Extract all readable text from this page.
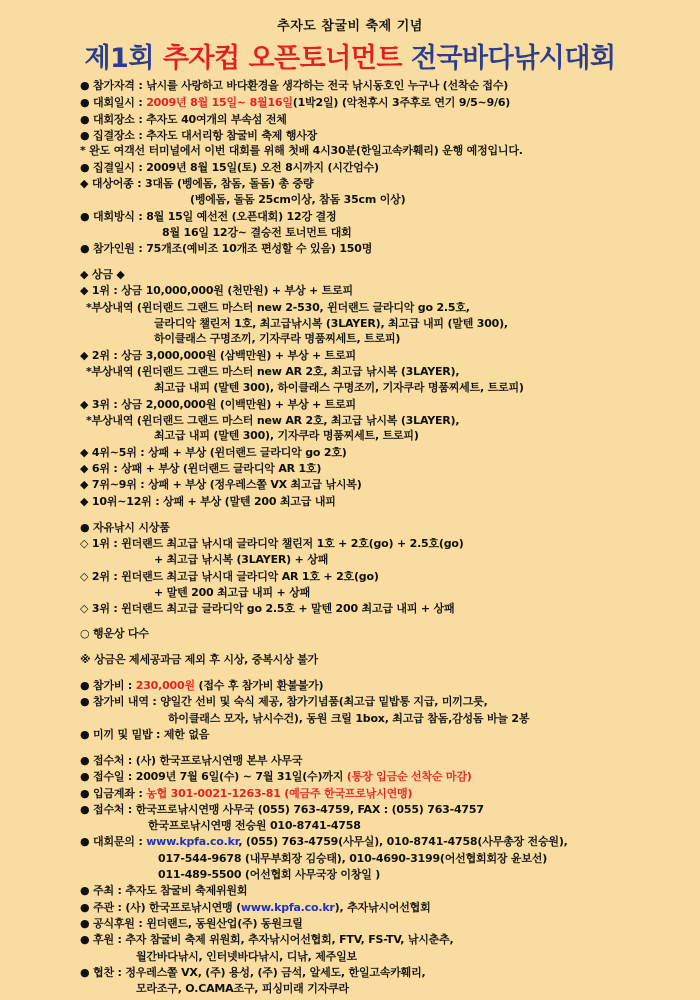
추자도 참굴비 축제 기념
제1회 추자컵 오픈토너먼트 전국바다낚시대회
● 참가자격 : 낚시를 사랑하고 바다환경을 생각하는 전국 낚시동호인 누구나 (선착순 접수)
● 대회일시 : 2009년 8월 15일~ 8월16일(1박2일) (악천후시 3주후로 연기 9/5~9/6)
● 대회장소 : 추자도 40여개의 부속섬 전체
● 집결장소 : 추자도 대서리항 참굴비 축제 행사장
* 완도 여객선 터미널에서 이번 대회를 위해 첫배 4시30분(한일고속카훼리) 운행 예정입니다.
● 집결일시 : 2009년 8월 15일(토) 오전 8시까지 (시간엄수)
◆ 대상어종 : 3대돔 (벵에돔, 참돔, 돌돔) 총 중량
(벵에돔, 돌돔 25cm이상, 참돔 35cm 이상)
● 대회방식 : 8월 15일 예선전 (오픈대회) 12강 결정
8월 16일 12강~ 결승전 토너먼트 대회
● 참가인원 : 75개조(예비조 10개조 편성할 수 있음) 150명
◆ 상금 ◆
◆ 1위 : 상금 10,000,000원 (천만원) + 부상 + 트로피
*부상내역 (윈더랜드 그랜드 마스터 new 2-530, 윈더랜드 글라디악 go 2.5호,
글라디악 챌린저 1호, 최고급낚시복 (3LAYER), 최고급 내피 (말텐 300),
하이클래스 구명조끼, 기자쿠라 명품찌세트, 트로피)
◆ 2위 : 상금 3,000,000원 (삼백만원) + 부상 + 트로피
*부상내역 (윈더랜드 그랜드 마스터 new AR 2호, 최고급 낚시복 (3LAYER),
최고급 내피 (말텐 300), 하이클래스 구명조끼, 기자쿠라 명품찌세트, 트로피)
◆ 3위 : 상금 2,000,000원 (이백만원) + 부상 + 트로피
*부상내역 (윈더랜드 그랜드 마스터 new AR 2호, 최고급 낚시복 (3LAYER),
최고급 내피 (말텐 300), 기자쿠라 명품찌세트, 트로피)
◆ 4위~5위 : 상패 + 부상 (윈더랜드 글라디악 go 2호)
◆ 6위 : 상패 + 부상 (윈더랜드 글라디악 AR 1호)
◆ 7위~9위 : 상패 + 부상 (정우레스쫄 VX 최고급 낚시복)
◆ 10위~12위 : 상패 + 부상 (말텐 200 최고급 내피
● 자유낚시 시상품
◇ 1위 : 윈더랜드 최고급 낚시대 글라디악 챌린저 1호 + 2호(go) + 2.5호(go)
+ 최고급 낚시복 (3LAYER) + 상패
◇ 2위 : 윈더랜드 최고급 낚시대 글라디악 AR 1호 + 2호(go)
+ 말텐 200 최고급 내피 + 상패
◇ 3위 : 윈더랜드 최고급 글라디악 go 2.5호 + 말텐 200 최고급 내피 + 상패
○ 행운상 다수
※ 상금은 제세공과금 제외 후 시상, 중복시상 불가
● 참가비 : 230,000원 (접수 후 참가비 환불불가)
● 참가비 내역 : 양일간 선비 및 숙식 제공, 참가기념품(최고급 밑밥통 지급, 미끼그릇,
하이클래스 모자, 낚시수건), 동원 크릴 1box, 최고급 참돔,감성돔 바늘 2봉
● 미끼 및 밑밥 : 제한 없음
● 접수처 : (사) 한국프로낚시연맹 본부 사무국
● 접수일 : 2009년 7월 6일(수) ~ 7월 31일(수)까지 (통장 입금순 선착순 마감)
● 입금계좌 : 농협 301-0021-1263-81 (예금주 한국프로낚시연맹)
● 접수처 : 한국프로낚시연맹 사무국 (055) 763-4759, FAX : (055) 763-4757
한국프로낚시연맹 전승원 010-8741-4758
● 대회문의 : www.kpfa.co.kr, (055) 763-4759(사무실), 010-8741-4758(사무총장 전승원),
017-544-9678 (내무부회장 김승태), 010-4690-3199(어선협회회장 윤보선)
011-489-5500 (어선협회 사무국장 이창일 )
● 주최 : 추자도 참굴비 축제위원회
● 주관 : (사) 한국프로낚시연맹 (www.kpfa.co.kr), 추자낚시어선협회
● 공식후원 : 윈더랜드, 동원산업(주) 동원크릴
● 후원 : 추자 참굴비 축제 위원회, 추자낚시어선협회, FTV, FS-TV, 낚시춘추,
월간바다낚시, 인터넷바다낚시, 디낚, 제주일보
● 협찬 : 정우레스쫄 VX, (주) 용성, (주) 금석, 알세도, 한일고속카훼리,
모라조구, O.CAMA조구, 피싱미래 기자쿠라
